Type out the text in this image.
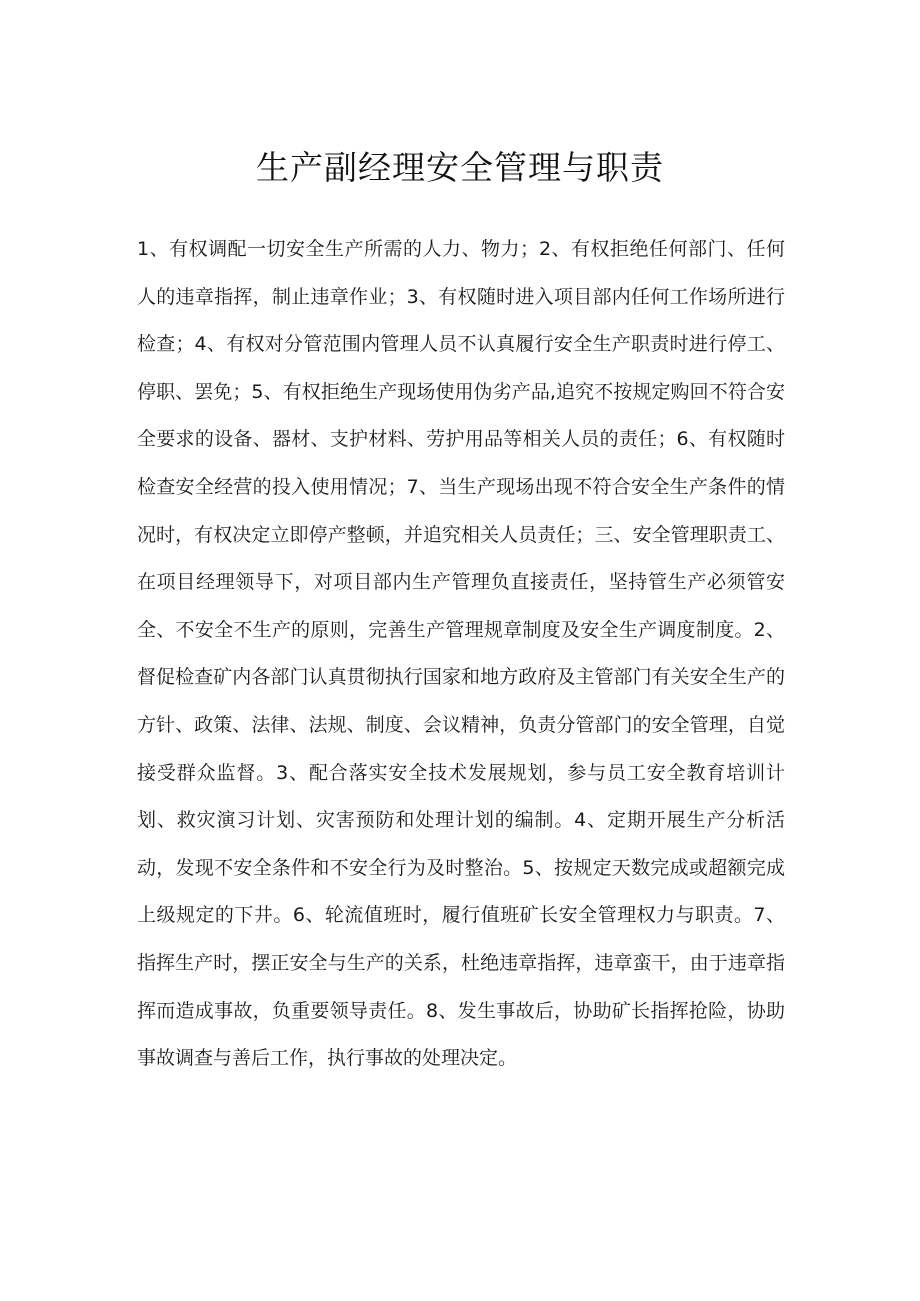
生产副经理安全管理与职责

1、有权调配一切安全生产所需的人力、物力；2、有权拒绝任何部门、任何人的违章指挥，制止违章作业；3、有权随时进入项目部内任何工作场所进行检查；4、有权对分管范围内管理人员不认真履行安全生产职责时进行停工、停职、罢免；5、有权拒绝生产现场使用伪劣产品,追究不按规定购回不符合安全要求的设备、器材、支护材料、劳护用品等相关人员的责任；6、有权随时检查安全经营的投入使用情况；7、当生产现场出现不符合安全生产条件的情况时，有权决定立即停产整顿，并追究相关人员责任；三、安全管理职责工、在项目经理领导下，对项目部内生产管理负直接责任，坚持管生产必须管安全、不安全不生产的原则，完善生产管理规章制度及安全生产调度制度。2、督促检查矿内各部门认真贯彻执行国家和地方政府及主管部门有关安全生产的方针、政策、法律、法规、制度、会议精神，负责分管部门的安全管理，自觉接受群众监督。3、配合落实安全技术发展规划，参与员工安全教育培训计划、救灾演习计划、灾害预防和处理计划的编制。4、定期开展生产分析活动，发现不安全条件和不安全行为及时整治。5、按规定天数完成或超额完成上级规定的下井。6、轮流值班时，履行值班矿长安全管理权力与职责。7、指挥生产时，摆正安全与生产的关系，杜绝违章指挥，违章蛮干，由于违章指挥而造成事故，负重要领导责任。8、发生事故后，协助矿长指挥抢险，协助事故调查与善后工作，执行事故的处理决定。
